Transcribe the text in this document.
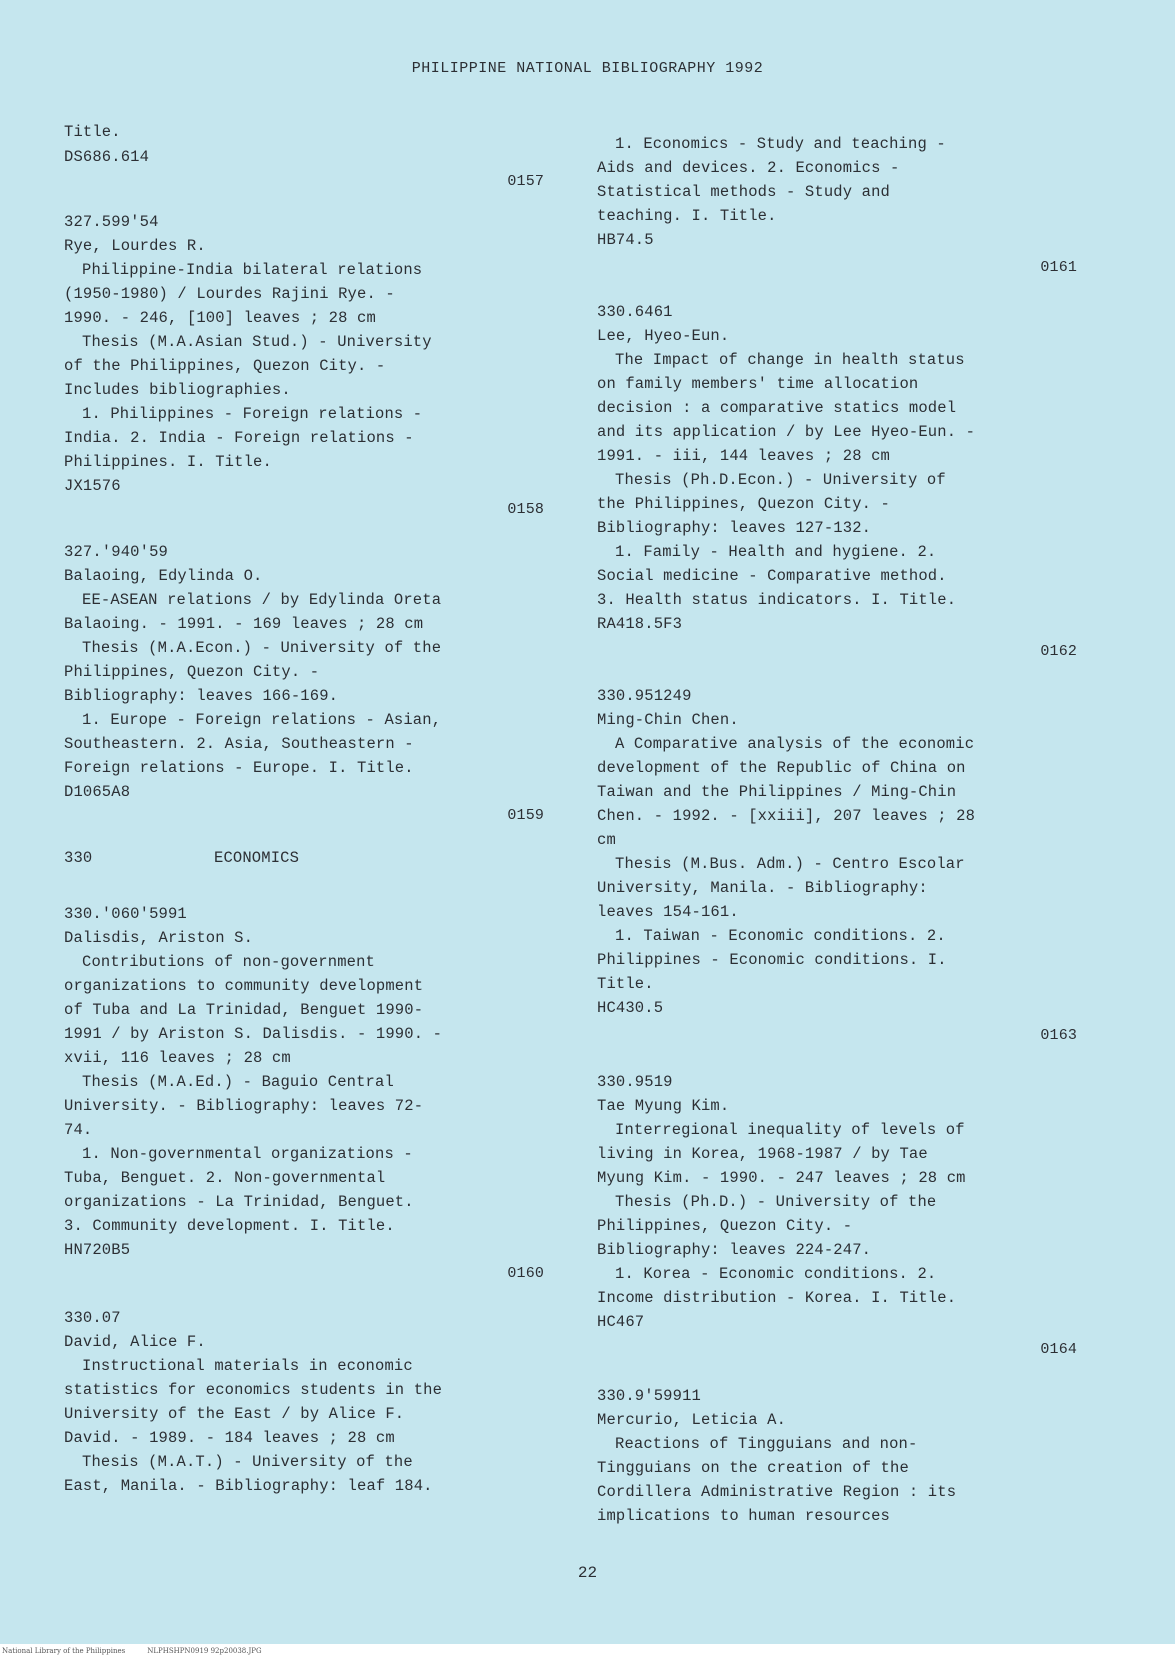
PHILIPPINE NATIONAL BIBLIOGRAPHY 1992
Title.
DS686.614
0157
327.599'54
Rye, Lourdes R.
Philippine-India bilateral relations
(1950-1980) / Lourdes Rajini Rye. -
1990. - 246, [100] leaves ; 28 cm
Thesis (M.A.Asian Stud.) - University
of the Philippines, Quezon City. -
Includes bibliographies.
1. Philippines - Foreign relations -
India. 2. India - Foreign relations -
Philippines. I. Title.
JX1576
0158
327.'940'59
Balaoing, Edylinda O.
EE-ASEAN relations / by Edylinda Oreta
Balaoing. - 1991. - 169 leaves ; 28 cm
Thesis (M.A.Econ.) - University of the
Philippines, Quezon City. -
Bibliography: leaves 166-169.
1. Europe - Foreign relations - Asian,
Southeastern. 2. Asia, Southeastern -
Foreign relations - Europe. I. Title.
D1065A8
0159
330	ECONOMICS
330.'060'5991
Dalisdis, Ariston S.
Contributions of non-government
organizations to community development
of Tuba and La Trinidad, Benguet 1990-
1991 / by Ariston S. Dalisdis. - 1990. -
xvii, 116 leaves ; 28 cm
Thesis (M.A.Ed.) - Baguio Central
University. - Bibliography: leaves 72-
74.
1. Non-governmental organizations -
Tuba, Benguet. 2. Non-governmental
organizations - La Trinidad, Benguet.
3. Community development. I. Title.
HN720B5
0160
330.07
David, Alice F.
Instructional materials in economic
statistics for economics students in the
University of the East / by Alice F.
David. - 1989. - 184 leaves ; 28 cm
Thesis (M.A.T.) - University of the
East, Manila. - Bibliography: leaf 184.
1. Economics - Study and teaching -
Aids and devices. 2. Economics -
Statistical methods - Study and
teaching. I. Title.
HB74.5
0161
330.6461
Lee, Hyeo-Eun.
The Impact of change in health status
on family members' time allocation
decision : a comparative statics model
and its application / by Lee Hyeo-Eun. -
1991. - iii, 144 leaves ; 28 cm
Thesis (Ph.D.Econ.) - University of
the Philippines, Quezon City. -
Bibliography: leaves 127-132.
1. Family - Health and hygiene. 2.
Social medicine - Comparative method.
3. Health status indicators. I. Title.
RA418.5F3
0162
330.951249
Ming-Chin Chen.
A Comparative analysis of the economic
development of the Republic of China on
Taiwan and the Philippines / Ming-Chin
Chen. - 1992. - [xxiii], 207 leaves ; 28
cm
Thesis (M.Bus. Adm.) - Centro Escolar
University, Manila. - Bibliography:
leaves 154-161.
1. Taiwan - Economic conditions. 2.
Philippines - Economic conditions. I.
Title.
HC430.5
0163
330.9519
Tae Myung Kim.
Interregional inequality of levels of
living in Korea, 1968-1987 / by Tae
Myung Kim. - 1990. - 247 leaves ; 28 cm
Thesis (Ph.D.) - University of the
Philippines, Quezon City. -
Bibliography: leaves 224-247.
1. Korea - Economic conditions. 2.
Income distribution - Korea. I. Title.
HC467
0164
330.9'59911
Mercurio, Leticia A.
Reactions of Tingguians and non-
Tingguians on the creation of the
Cordillera Administrative Region : its
implications to human resources
22
National Library of the Philippines	NLPHSHPN0919 92p20038.JPG
